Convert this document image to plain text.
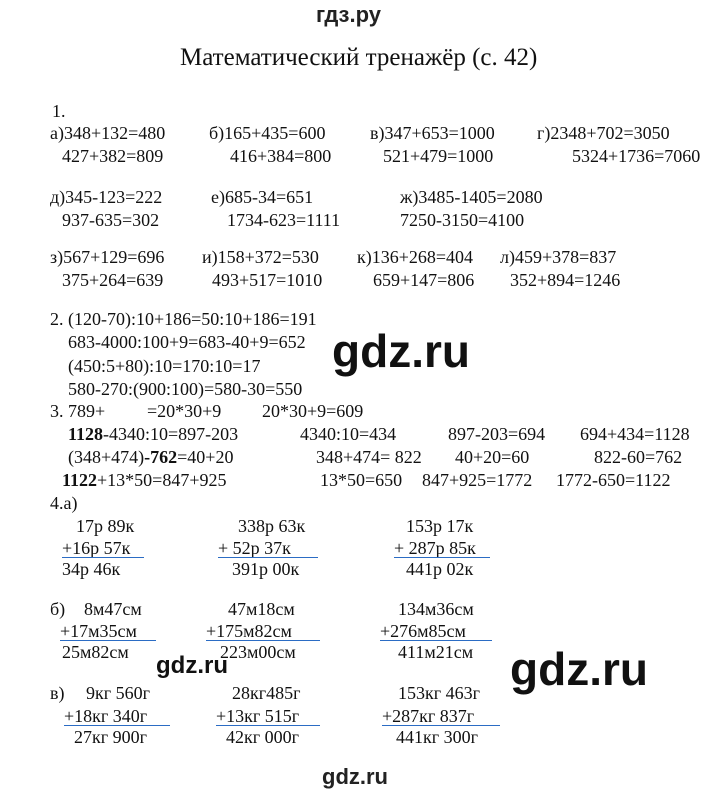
гдз.ру
Математический тренажёр (с. 42)
1.
а)348+132=480 б)165+435=600 в)347+653=1000 г)2348+702=3050
427+382=809	416+384=800	521+479=1000	5324+1736=7060
д)345-123=222	е)685-34=651	ж)3485-1405=2080
937-635=302	1734-623=1111	7250-3150=4100
з)567+129=696 и)158+372=530 к)136+268=404 л)459+378=837
375+264=639	493+517=1010	659+147=806 352+894=1246
2. (120-70):10+186=50:10+186=191
683-4000:100+9=683-40+9=652
(450:5+80):10=170:10=17
580-270:(900:100)=580-30=550
gdz.ru
3. 789+ =20*30+9 20*30+9=609
1128-4340:10=897-203	4340:10=434	897-203=694 694+434=1128
(348+474)-762=40+20	348+474= 822 40+20=60	822-60=762
1122+13*50=847+925	13*50=650 847+925=1772 1772-650=1122
4.а)
17р 89к
+16р 57к
34р 46к
338р 63к
+ 52р 37к
391р 00к
153р 17к
+ 287р 85к
441р 02к
б) 8м47см
+17м35см
25м82см
47м18см
+175м82см
223м00см
134м36см
+276м85см
411м21см
gdz.ru	gdz.ru
в) 9кг 560г
+18кг 340г
27кг 900г
28кг485г
+13кг 515г
42кг 000г
153кг 463г
+287кг 837г
441кг 300г
gdz.ru
